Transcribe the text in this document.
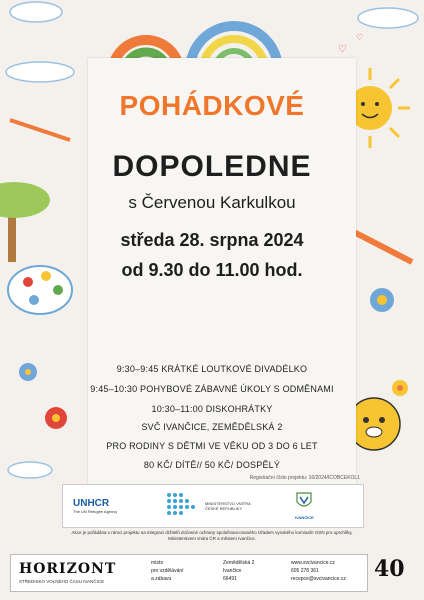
♡
♡
POHÁDKOVÉ
DOPOLEDNE
s Červenou Karkulkou
středa 28. srpna 2024
od 9.30 do 11.00 hod.
9:30–9:45 KRÁTKÉ LOUTKOVÉ DIVADÉLKO
9:45–10:30 POHYBOVÉ ZÁBAVNÉ ÚKOLY S ODMĚNAMI
10:30–11:00 DISKOHRÁTKY
SVČ IVANČICE, ZEMĚDĚLSKÁ 2
PRO RODINY S DĚTMI VE VĚKU OD 3 DO 6 LET
80 KČ/ DÍTĚ// 50 KČ/ DOSPĚLÝ
Registrační číslo projektu: 16/2024/ICOBCEKOL1
UNHCR
The UN Refugee Agency
MINISTERSTVO VNITRA ČESKÉ REPUBLIKY
IVANČICE
Akce je pořádána v rámci projektu na integraci držitelů dočasné ochrany spolufinancovaného Úřadem vysokého komisaře OSN pro uprchlíky, Ministerstvem vnitra ČR a městem Ivančice.
HORIZONT
STŘEDISKO VOLNÉHO ČASU IVANČICE
místo
pro vzdělávání
a zábavu
Zemědělská 2
Ivančice
66491
www.svcivancice.cz
605 278 361
recepce@svcivancice.cz 40
